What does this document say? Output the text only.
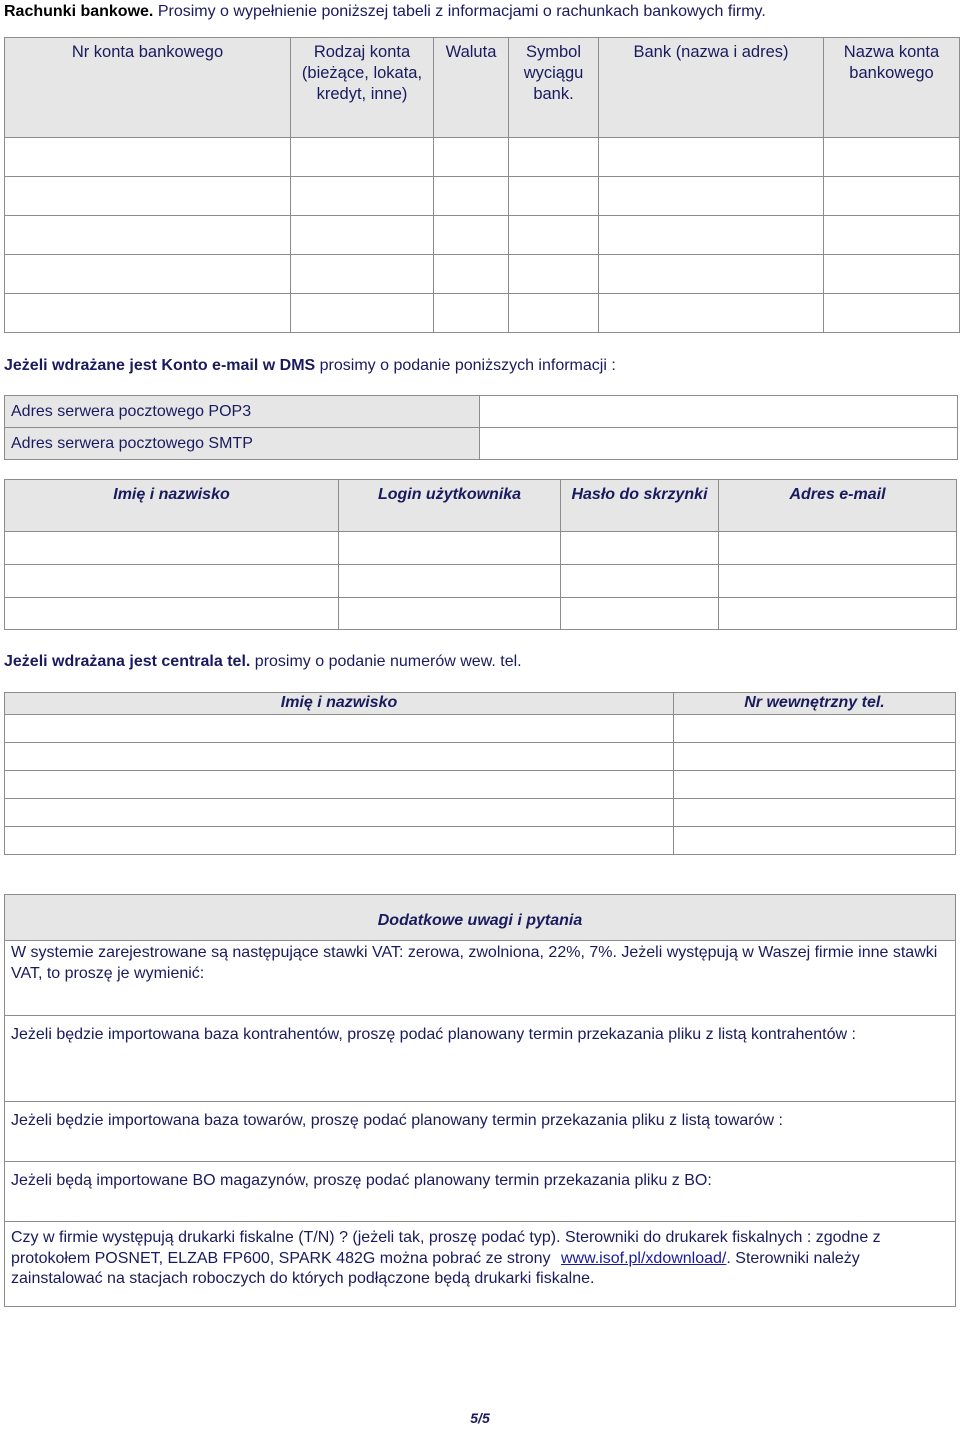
Rachunki bankowe. Prosimy o wypełnienie poniższej tabeli z informacjami o rachunkach bankowych firmy.
Nr konta bankowego	Rodzaj konta (bieżące, lokata, kredyt, inne)	Waluta	Symbol wyciągu bank.	Bank (nazwa i adres)	Nazwa konta bankowego

Jeżeli wdrażane jest Konto e-mail w DMS prosimy o podanie poniższych informacji :
Adres serwera pocztowego POP3	
Adres serwera pocztowego SMTP	
Imię i nazwisko	Login użytkownika	Hasło do skrzynki	Adres e-mail

Jeżeli wdrażana jest centrala tel. prosimy o podanie numerów wew. tel.
Imię i nazwisko	Nr wewnętrzny tel.

Dodatkowe uwagi i pytania
W systemie zarejestrowane są następujące stawki VAT: zerowa, zwolniona, 22%, 7%. Jeżeli występują w Waszej firmie inne stawki VAT, to proszę je wymienić:
Jeżeli będzie importowana baza kontrahentów, proszę podać planowany termin przekazania pliku z listą kontrahentów :
Jeżeli będzie importowana baza towarów, proszę podać planowany termin przekazania pliku z listą towarów :
Jeżeli będą importowane BO magazynów, proszę podać planowany termin przekazania pliku z BO:
Czy w firmie występują drukarki fiskalne (T/N) ? (jeżeli tak, proszę podać typ). Sterowniki do drukarek fiskalnych : zgodne z protokołem POSNET, ELZAB FP600, SPARK 482G można pobrać ze strony www.isof.pl/xdownload/. Sterowniki należy zainstalować na stacjach roboczych do których podłączone będą drukarki fiskalne.
5/5
